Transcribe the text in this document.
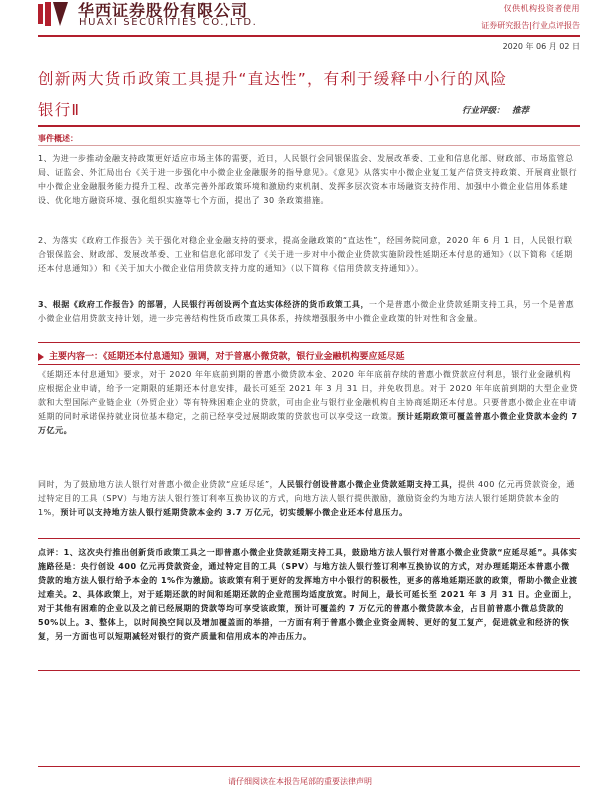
华西证券股份有限公司
HUAXI SECURITIES CO.,LTD.
仅供机构投资者使用
证券研究报告|行业点评报告
2020 年 06 月 02 日
创新两大货币政策工具提升“直达性”，有利于缓释中小行的风险
银行Ⅱ	行业评级： 推荐
事件概述：
1、为进一步推动金融支持政策更好适应市场主体的需要，近日，人民银行会同银保监会、发展改革委、工业和信息化部、财政部、市场监管总局、证监会、外汇局出台《关于进一步强化中小微企业金融服务的指导意见》。《意见》从落实中小微企业复工复产信贷支持政策、开展商业银行中小微企业金融服务能力提升工程、改革完善外部政策环境和激励约束机制、发挥多层次资本市场融资支持作用、加强中小微企业信用体系建设、优化地方融资环境、强化组织实施等七个方面，提出了 30 条政策措施。
2、为落实《政府工作报告》关于强化对稳企业金融支持的要求，提高金融政策的“直达性”，经国务院同意，2020 年 6 月 1 日，人民银行联合银保监会、财政部、发展改革委、工业和信息化部印发了《关于进一步对中小微企业贷款实施阶段性延期还本付息的通知》（以下简称《延期还本付息通知》）和《关于加大小微企业信用贷款支持力度的通知》（以下简称《信用贷款支持通知》）。
3、根据《政府工作报告》的部署，人民银行再创设两个直达实体经济的货币政策工具，一个是普惠小微企业贷款延期支持工具，另一个是普惠小微企业信用贷款支持计划，进一步完善结构性货币政策工具体系，持续增强服务中小微企业政策的针对性和含金量。
主要内容一：《延期还本付息通知》强调，对于普惠小微贷款，银行业金融机构要应延尽延
《延期还本付息通知》要求，对于 2020 年年底前到期的普惠小微贷款本金、2020 年年底前存续的普惠小微贷款应付利息，银行业金融机构应根据企业申请，给予一定期限的延期还本付息安排，最长可延至 2021 年 3 月 31 日，并免收罚息。对于 2020 年年底前到期的大型企业贷款和大型国际产业链企业（外贸企业）等有特殊困难企业的贷款，可由企业与银行业金融机构自主协商延期还本付息。只要普惠小微企业在申请延期的同时承诺保持就业岗位基本稳定，之前已经享受过展期政策的贷款也可以享受这一政策。预计延期政策可覆盖普惠小微企业贷款本金约 7 万亿元。
同时，为了鼓励地方法人银行对普惠小微企业贷款“应延尽延”，人民银行创设普惠小微企业贷款延期支持工具，提供 400 亿元再贷款资金，通过特定目的工具（SPV）与地方法人银行签订利率互换协议的方式，向地方法人银行提供激励，激励资金约为地方法人银行延期贷款本金的 1%，预计可以支持地方法人银行延期贷款本金约 3.7 万亿元，切实缓解小微企业还本付息压力。
点评：1、这次央行推出创新货币政策工具之一即普惠小微企业贷款延期支持工具，鼓励地方法人银行对普惠小微企业贷款“应延尽延”。具体实施路径是：央行创设 400 亿元再贷款资金，通过特定目的工具（SPV）与地方法人银行签订利率互换协议的方式，对办理延期还本普惠小微贷款的地方法人银行给予本金的 1%作为激励。该政策有利于更好的发挥地方中小银行的积极性，更多的落地延期还款的政策，帮助小微企业渡过难关。2、具体政策上，对于延期还款的时间和延期还款的企业范围均适度放宽。时间上，最长可延长至 2021 年 3 月 31 日。企业面上，对于其他有困难的企业以及之前已经展期的贷款等均可享受该政策，预计可覆盖约 7 万亿元的普惠小微贷款本金，占目前普惠小微总贷款的 50%以上。3、整体上，以时间换空间以及增加覆盖面的举措，一方面有利于普惠小微企业资金周转、更好的复工复产，促进就业和经济的恢复，另一方面也可以短期减轻对银行的资产质量和信用成本的冲击压力。
请仔细阅读在本报告尾部的重要法律声明
